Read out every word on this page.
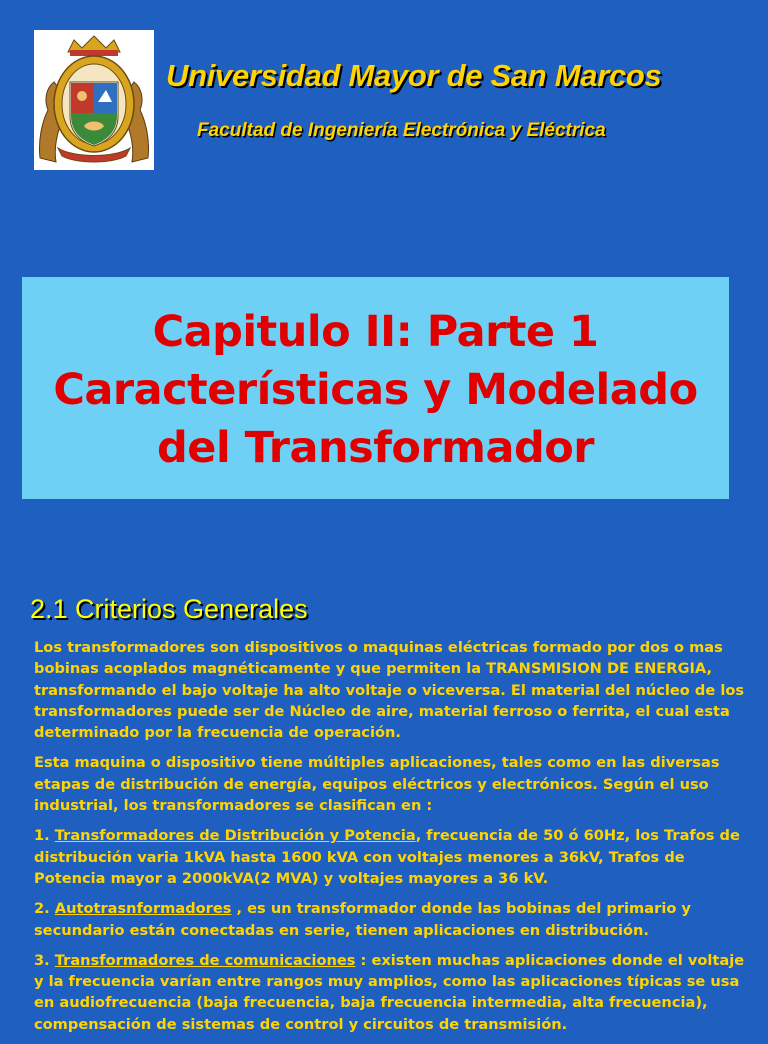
Universidad Mayor de San Marcos
Facultad de Ingeniería Electrónica y Eléctrica
Capitulo II: Parte 1
Características y Modelado
del Transformador
2.1 Criterios Generales

Los transformadores son dispositivos o maquinas eléctricas formado por dos o mas bobinas acoplados magnéticamente y que permiten la TRANSMISION DE ENERGIA, transformando el bajo voltaje ha alto voltaje o viceversa. El material del núcleo de los transformadores puede ser de Núcleo de aire, material ferroso o ferrita, el cual esta determinado por la frecuencia de operación.

Esta maquina o dispositivo tiene múltiples aplicaciones, tales como en las diversas etapas de distribución de energía, equipos eléctricos y electrónicos. Según el uso industrial, los transformadores se clasifican en :

1. Transformadores de Distribución y Potencia, frecuencia de 50 ó 60Hz, los Trafos de distribución varia 1kVA hasta 1600 kVA con voltajes menores a 36kV, Trafos de Potencia mayor a 2000kVA(2 MVA) y voltajes mayores a 36 kV.

2. Autotrasnformadores , es un transformador donde las bobinas del primario y secundario están conectadas en serie, tienen aplicaciones en distribución.

3. Transformadores de comunicaciones : existen muchas aplicaciones donde el voltaje y la frecuencia varían entre rangos muy amplios, como las aplicaciones típicas se usa en audiofrecuencia (baja frecuencia, baja frecuencia intermedia, alta frecuencia), compensación de sistemas de control y circuitos de transmisión.
